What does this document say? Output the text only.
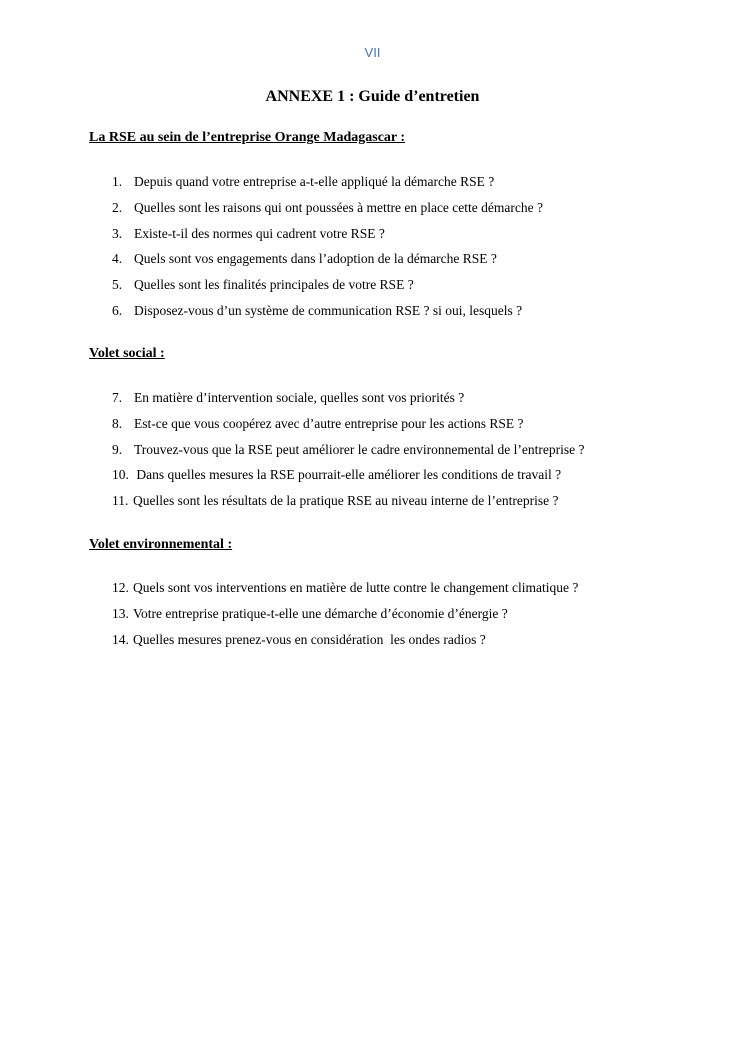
VII
ANNEXE 1 : Guide d’entretien
La RSE au sein de l’entreprise Orange Madagascar :
1. Depuis quand votre entreprise a-t-elle appliqué la démarche RSE ?
2. Quelles sont les raisons qui ont poussées à mettre en place cette démarche ?
3. Existe-t-il des normes qui cadrent votre RSE ?
4. Quels sont vos engagements dans l’adoption de la démarche RSE ?
5. Quelles sont les finalités principales de votre RSE ?
6. Disposez-vous d’un système de communication RSE ? si oui, lesquels ?
Volet social :
7. En matière d’intervention sociale, quelles sont vos priorités ?
8. Est-ce que vous coopérez avec d’autre entreprise pour les actions RSE ?
9. Trouvez-vous que la RSE peut améliorer le cadre environnemental de l’entreprise ?
10. Dans quelles mesures la RSE pourrait-elle améliorer les conditions de travail ?
11. Quelles sont les résultats de la pratique RSE au niveau interne de l’entreprise ?
Volet environnemental :
12. Quels sont vos interventions en matière de lutte contre le changement climatique ?
13. Votre entreprise pratique-t-elle une démarche d’économie d’énergie ?
14. Quelles mesures prenez-vous en considération  les ondes radios ?
